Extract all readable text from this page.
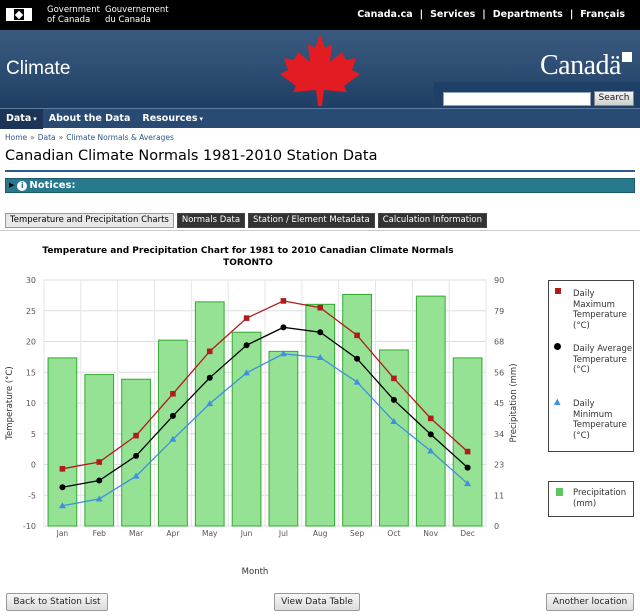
Government
of Canada
Gouvernement
du Canada	Canada.ca | Services | Departments | Français
Climate	Canadä
Search
Data ▾	About the Data	Resources ▾
Home » Data » Climate Normals & Averages
Canadian Climate Normals 1981-2010 Station Data
▶ i Notices:
Temperature and Precipitation Charts	Normals Data	Station / Element Metadata	Calculation Information
Temperature and Precipitation Chart for 1981 to 2010 Canadian Climate Normals
TORONTO
30
25
20
15
10
5
0
-5
-10
90
79
68
56
45
34
23
11
0
Jan	Feb	Mar	Apr	May	Jun	Jul	Aug	Sep	Oct	Nov	Dec
Month
Temperature (°C)	Precipitation (mm)
Daily Maximum Temperature (°C)
Daily Average Temperature (°C)
▲ Daily Minimum Temperature (°C)
Precipitation (mm)
Back to Station List	View Data Table	Another location
